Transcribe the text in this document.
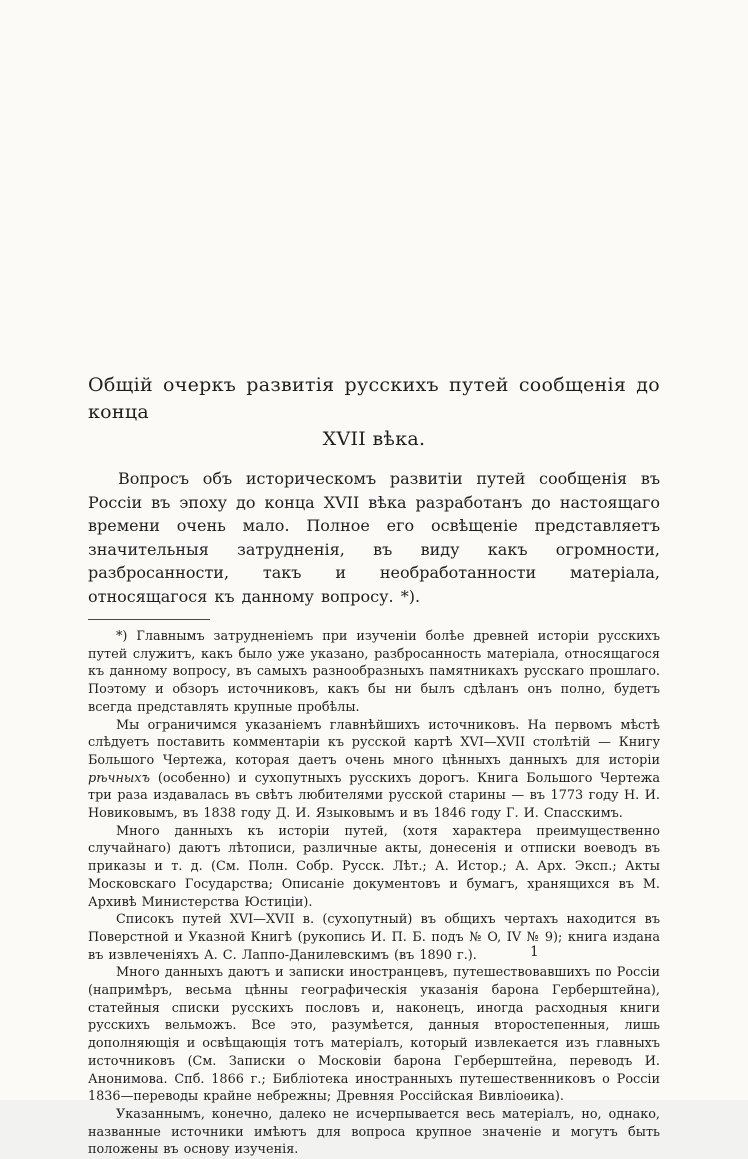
Общій очеркъ развитія русскихъ путей сообщенія до конца
XVII вѣка.

Вопросъ объ историческомъ развитіи путей сообщенія въ Россіи въ эпоху до конца XVII вѣка разработанъ до настоящаго времени очень мало. Полное его освѣщеніе представляетъ значительныя затрудненія, въ виду какъ огромности, разбросанности, такъ и необработанности матеріала, относящагося къ данному вопросу. *).

*) Главнымъ затрудненіемъ при изученіи болѣе древней исторіи русскихъ путей служитъ, какъ было уже указано, разбросанность матеріала, относящагося къ данному вопросу, въ самыхъ разнообразныхъ памятникахъ русскаго прошлаго. Поэтому и обзоръ источниковъ, какъ бы ни былъ сдѣланъ онъ полно, будетъ всегда представлять крупные пробѣлы.

Мы ограничимся указаніемъ главнѣйшихъ источниковъ. На первомъ мѣстѣ слѣдуетъ поставить комментаріи къ русской картѣ XVI—XVII столѣтій — Книгу Большого Чертежа, которая даетъ очень много цѣнныхъ данныхъ для исторіи рѣчныхъ (особенно) и сухопутныхъ русскихъ дорогъ. Книга Большого Чертежа три раза издавалась въ свѣтъ любителями русской старины — въ 1773 году Н. И. Новиковымъ, въ 1838 году Д. И. Языковымъ и въ 1846 году Г. И. Спасскимъ.

Много данныхъ къ исторіи путей, (хотя характера преимущественно случайнаго) даютъ лѣтописи, различные акты, донесенія и отписки воеводъ въ приказы и т. д. (См. Полн. Собр. Русск. Лѣт.; А. Истор.; А. Арх. Эксп.; Акты Московскаго Государства; Описаніе документовъ и бумагъ, хранящихся въ М. Архивѣ Министерства Юстиціи).

Списокъ путей XVI—XVII в. (сухопутный) въ общихъ чертахъ находится въ Поверстной и Указной Книгѣ (рукопись И. П. Б. подъ № O, IV № 9); книга издана въ извлеченіяхъ А. С. Лаппо-Данилевскимъ (въ 1890 г.).

Много данныхъ даютъ и записки иностранцевъ, путешествовавшихъ по Россіи (напримѣръ, весьма цѣнны географическія указанія барона Герберштейна), статейныя списки русскихъ пословъ и, наконецъ, иногда расходныя книги русскихъ вельможъ. Все это, разумѣется, данныя второстепенныя, лишь дополняющія и освѣщающія тотъ матеріалъ, который извлекается изъ главныхъ источниковъ (См. Записки о Московіи барона Герберштейна, переводъ И. Анонимова. Спб. 1866 г.; Библіотека иностранныхъ путешественниковъ о Россіи 1836—переводы крайне небрежны; Древняя Россійская Вивліоѳика).

Указаннымъ, конечно, далеко не исчерпывается весь матеріалъ, но, однако, названные источники имѣютъ для вопроса крупное значеніе и могутъ быть положены въ основу изученія.

1
